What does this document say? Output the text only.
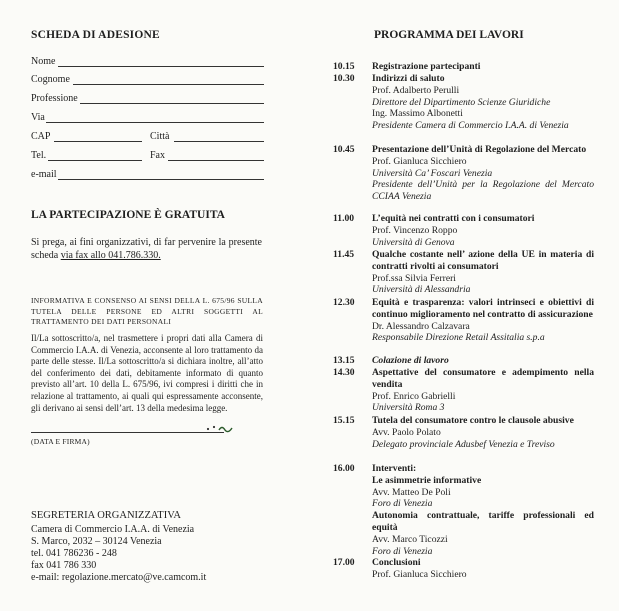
SCHEDA DI ADESIONE
Nome
Cognome
Professione
Via
CAP	Città
Tel.	Fax
e-mail
LA PARTECIPAZIONE È GRATUITA
Si prega, ai fini organizzativi, di far pervenire la presente scheda via fax allo 041.786.330.
INFORMATIVA E CONSENSO AI SENSI DELLA L. 675/96 SULLA TUTELA DELLE PERSONE ED ALTRI SOGGETTI AL TRATTAMENTO DEI DATI PERSONALI
Il/La sottoscritto/a, nel trasmettere i propri dati alla Camera di Commercio I.A.A. di Venezia, acconsente al loro trattamento da parte delle stesse. Il/La sottoscritto/a si dichiara inoltre, all’atto del conferimento dei dati, debitamente informato di quanto previsto all’art. 10 della L. 675/96, ivi compresi i diritti che in relazione al trattamento, ai quali qui espressamente acconsente, gli derivano ai sensi dell’art. 13 della medesima legge.
(DATA E FIRMA)
SEGRETERIA ORGANIZZATIVA
Camera di Commercio I.A.A. di Venezia
S. Marco, 2032 – 30124 Venezia
tel. 041 786236 - 248
fax 041 786 330
e-mail: regolazione.mercato@ve.camcom.it
PROGRAMMA DEI LAVORI
10.15	Registrazione partecipanti
10.30	Indirizzi di saluto
Prof. Adalberto Perulli
Direttore del Dipartimento Scienze Giuridiche
Ing. Massimo Albonetti
Presidente Camera di Commercio I.A.A. di Venezia
10.45	Presentazione dell’Unità di Regolazione del Mercato
Prof. Gianluca Sicchiero
Università Ca’ Foscari Venezia
Presidente dell’Unità per la Regolazione del Mercato CCIAA Venezia
11.00	L’equità nei contratti con i consumatori
Prof. Vincenzo Roppo
Università di Genova
11.45	Qualche costante nell’ azione della UE in materia di contratti rivolti ai consumatori
Prof.ssa Silvia Ferreri
Università di Alessandria
12.30	Equità e trasparenza: valori intrinseci e obiettivi di continuo miglioramento nel contratto di assicurazione
Dr. Alessandro Calzavara
Responsabile Direzione Retail Assitalia s.p.a
13.15	Colazione di lavoro
14.30	Aspettative del consumatore e adempimento nella vendita
Prof. Enrico Gabrielli
Università Roma 3
15.15	Tutela del consumatore contro le clausole abusive
Avv. Paolo Polato
Delegato provinciale Adusbef Venezia e Treviso
16.00	Interventi:
Le asimmetrie informative
Avv. Matteo De Poli
Foro di Venezia
Autonomia contrattuale, tariffe professionali ed equità
Avv. Marco Ticozzi
Foro di Venezia
17.00	Conclusioni
Prof. Gianluca Sicchiero
